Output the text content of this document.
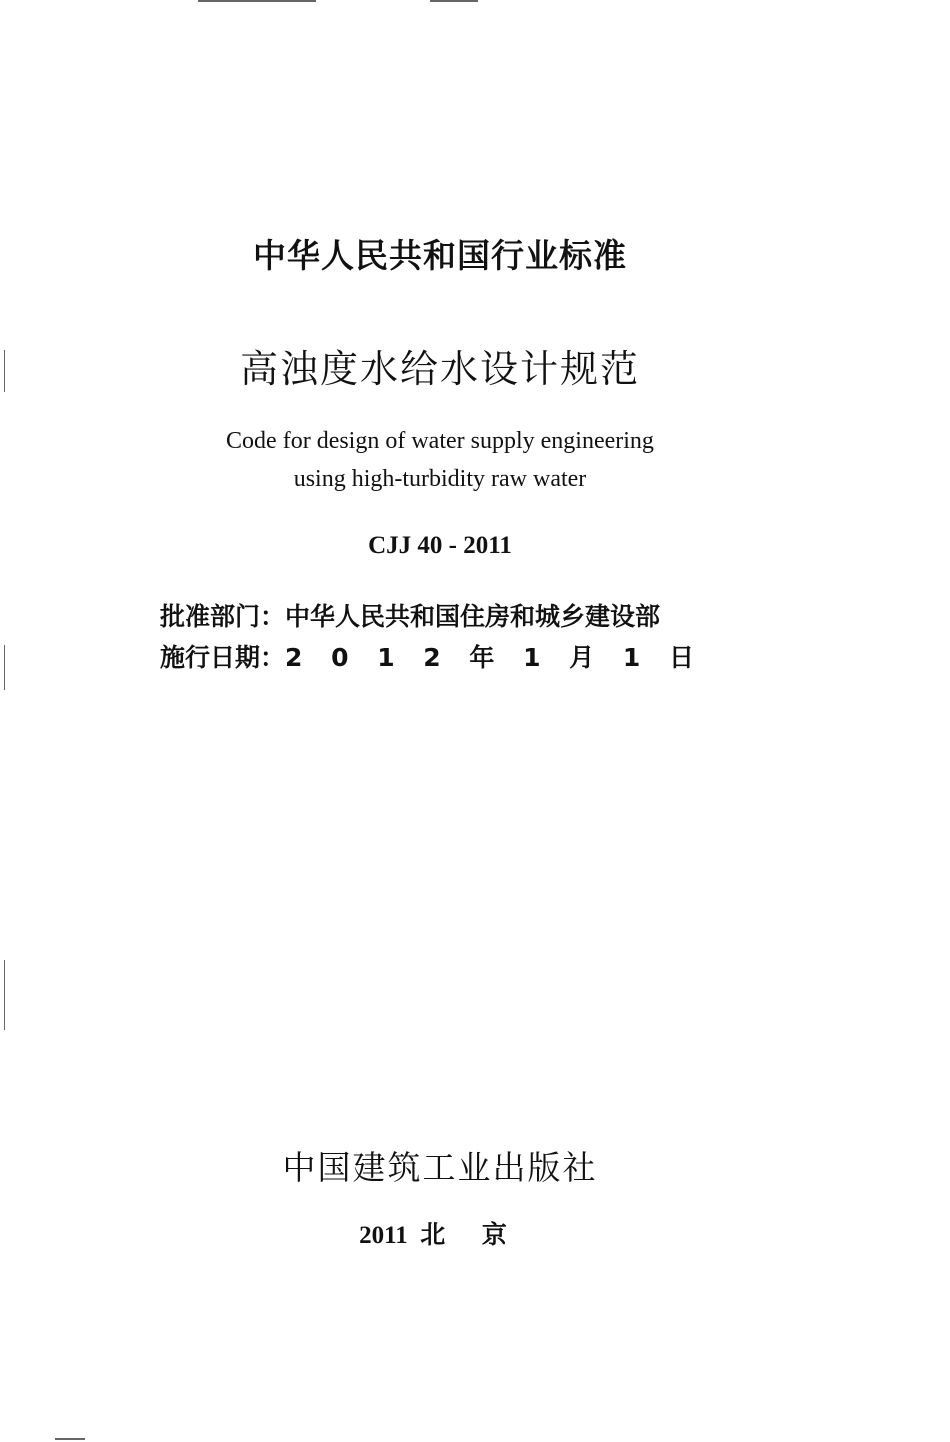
中华人民共和国行业标准
高浊度水给水设计规范
Code for design of water supply engineering
using high-turbidity raw water
CJJ 40 - 2011
批准部门：中华人民共和国住房和城乡建设部
施行日期：2 0 1 2 年 1 月 1 日
中国建筑工业出版社
2011 北 京
